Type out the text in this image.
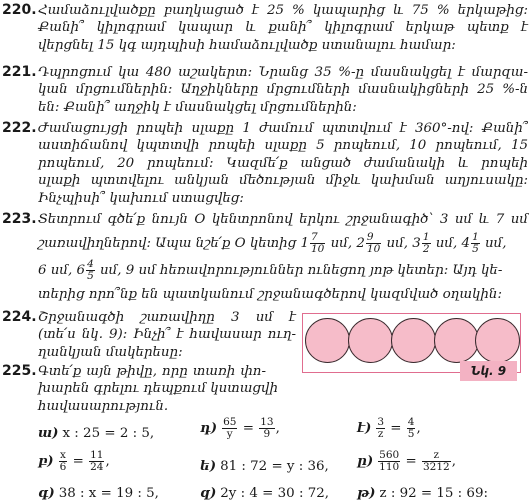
220. Համաձուլվածքը բաղկացած է 25 % կապարից և 75 % երկաթից:
Քանի՞ կիլոգրամ կապար և քանի՞ կիլոգրամ երկաթ պետք է
վերցնել 15 կգ այդպիսի համաձուլվածք ստանալու համար:
221. Դպրոցում կա 480 աշակերտ: Նրանց 35 %-ը մասնակցել է մարզա-
կան մրցումներին: Աղջիկները մրցումների մասնակիցների 25 %-ն
են: Քանի՞ աղջիկ է մասնակցել մրցումներին:
222. Ժամացույցի րոպեի սլաքը 1 ժամում պտտվում է 360°-ով: Քանի՞
աստիճանով կպտտվի րոպեի սլաքը 5 րոպեում, 10 րոպեում, 15
րոպեում, 20 րոպեում: Կազմե՛ք անցած ժամանակի և րոպեի
սլաքի պտտվելու անկյան մեծության միջև կախման աղյուսակը:
Ինչպիսի՞ կախում ստացվեց:
223. Տետրում գծե՛ք նույն O կենտրոնով երկու շրջանագիծ՝ 3 սմ և 7 սմ
շառավիղներով: Ապա նշե՛ք O կետից $1 \frac{7}{10}$ սմ, $2 \frac{9}{10}$ սմ, $3 \frac{1}{2}$ սմ, $4 \frac{1}{5}$ սմ,
6 սմ, $6 \frac{4}{5}$ սմ, 9 սմ հեռավորություններ ունեցող յոթ կետեր: Այդ կե-
տերից որո՞նք են պատկանում շրջանագծերով կազմված օղակին:
224. Շրջանագծի շառավիղը 3 սմ է
(տե՛ս նկ. 9): Ինչի՞ է հավասար ուղ-
ղանկյան մակերեսը:
225. Գտե՛ք այն թիվը, որը տառի փո-
խարեն գրելու դեպքում կստացվի
հավասարություն.
Նկ. 9
ա) x : 25 = 2 : 5,	դ) $\frac{65}{y} = \frac{13}{9}$ ,	է) $\frac{3}{z} = \frac{4}{5}$ ,
բ) $\frac{x}{6} = \frac{11}{24}$ ,	ե) 81 : 72 = y : 36, ը) $\frac{560}{110} = \frac{z}{3212}$ ,
գ) 38 : x = 19 : 5,	զ) 2y : 4 = 30 : 72, թ) z : 92 = 15 : 69:
